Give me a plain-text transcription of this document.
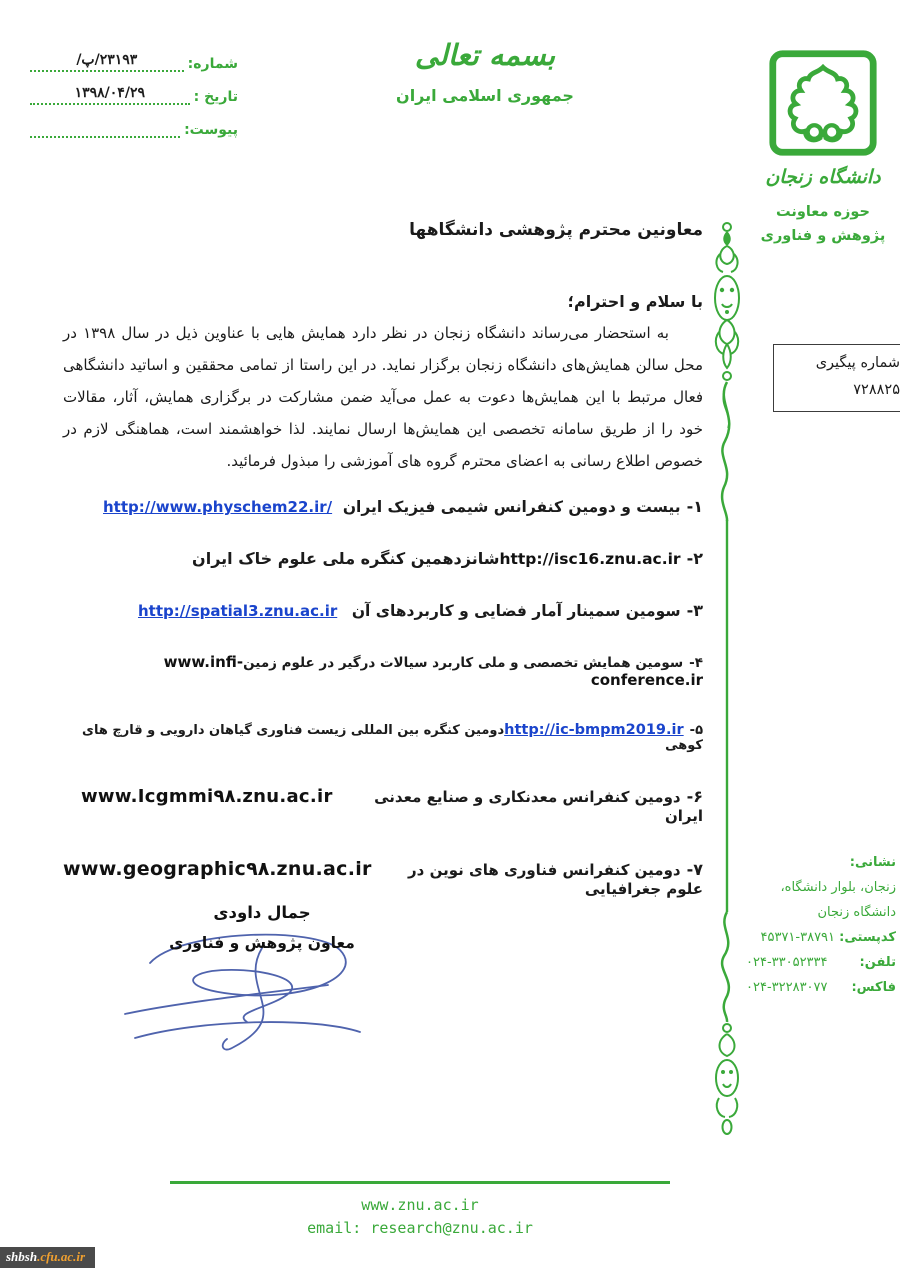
شماره:
۲۳۱۹۳/پ/
تاریخ :
۱۳۹۸/۰۴/۲۹
پیوست:
بسمه تعالی
جمهوری اسلامی ایران
دانشگاه زنجان
حوزه معاونت
پژوهش و فناوری
شماره پیگیری
۷۲۸۸۲۵
معاونین محترم پژوهشی دانشگاهها
با سلام و احترام؛

به استحضار می‌رساند دانشگاه زنجان در نظر دارد همایش هایی با عناوین ذیل در سال ۱۳۹۸ در محل سالن همایش‌های دانشگاه زنجان برگزار نماید. در این راستا از تمامی محققین و اساتید دانشگاهی فعال مرتبط با این همایش‌ها دعوت به عمل می‌آید ضمن مشارکت در برگزاری همایش، آثار، مقالات خود را از طریق سامانه تخصصی این همایش‌ها ارسال نمایند. لذا خواهشمند است، هماهنگی لازم در خصوص اطلاع رسانی به اعضای محترم گروه های آموزشی را مبذول فرمائید.

۱-بیست و دومین کنفرانس شیمی فیزیک ایران
http://www.physchem22.ir/
۲-http://isc16.znu.ac.irشانزدهمین کنگره ملی علوم خاک ایران
۳-سومین سمینار آمار فضایی و کاربردهای آن
http://spatial3.znu.ac.ir
۴-سومین همایش تخصصی و ملی کاربرد سیالات درگیر در علوم زمینwww.infi-conference.ir
۵-http://ic-bmpm2019.irدومین کنگره بین المللی زیست فناوری گیاهان دارویی و قارچ های کوهی
۶-دومین کنفرانس معدنکاری و صنایع معدنی ایران
www.Icgmmi۹۸.znu.ac.ir
۷-دومین کنفرانس فناوری های نوین در علوم جغرافیایی
www.geographic۹۸.znu.ac.ir
جمال داودی
معاون پژوهش و فناوری
نشانی:
زنجان، بلوار دانشگاه،
دانشگاه زنجان
کدپستی: ۴۵۳۷۱-۳۸۷۹۱
تلفن:
۰۲۴-۳۳۰۵۲۳۳۴
فاکس:
۰۲۴-۳۲۲۸۳۰۷۷
www.znu.ac.ir
email: research@znu.ac.ir
shbsh.cfu.ac.ir
